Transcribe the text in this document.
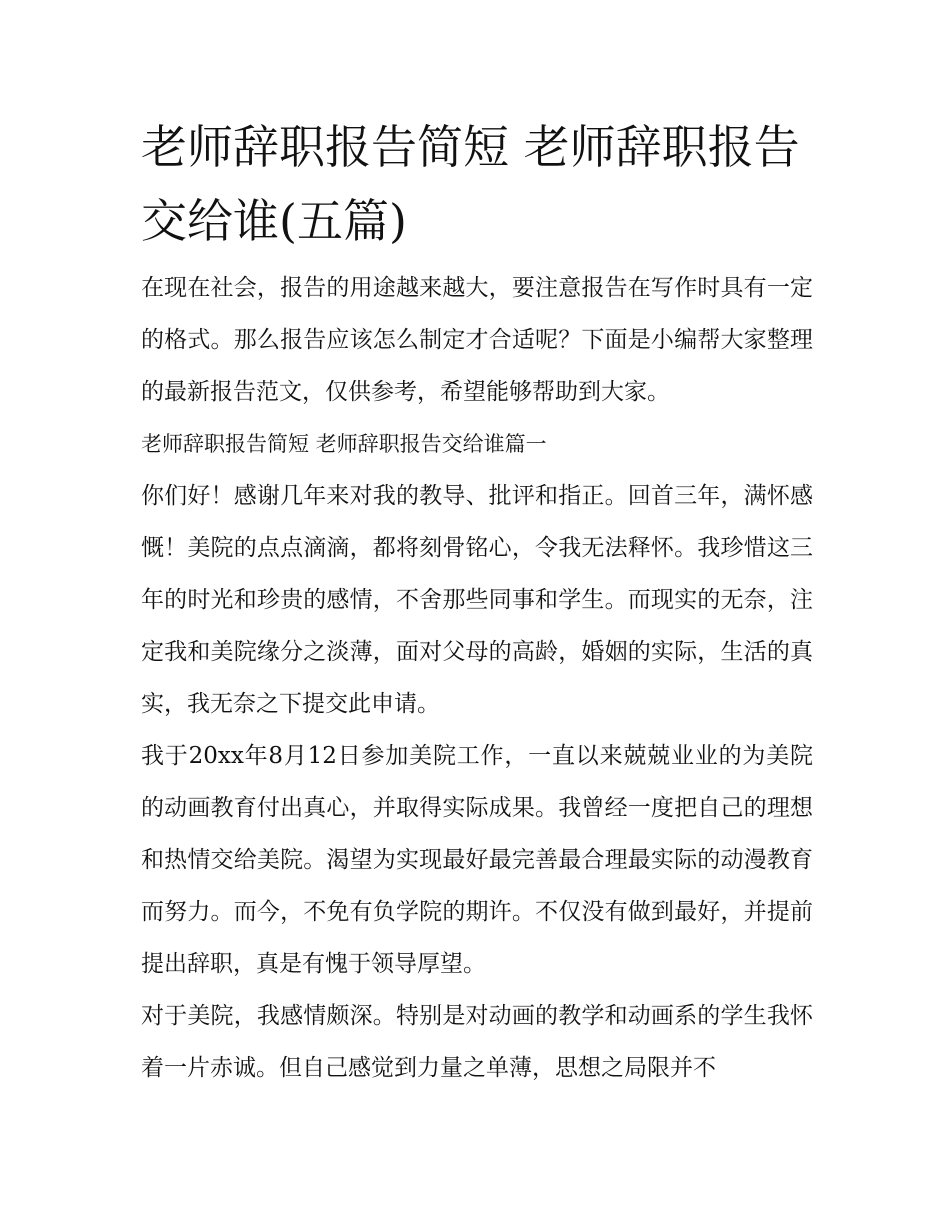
老师辞职报告简短 老师辞职报告交给谁(五篇)

在现在社会，报告的用途越来越大，要注意报告在写作时具有一定的格式。那么报告应该怎么制定才合适呢？下面是小编帮大家整理的最新报告范文，仅供参考，希望能够帮助到大家。

老师辞职报告简短 老师辞职报告交给谁篇一

你们好！感谢几年来对我的教导、批评和指正。回首三年，满怀感慨！美院的点点滴滴，都将刻骨铭心，令我无法释怀。我珍惜这三年的时光和珍贵的感情，不舍那些同事和学生。而现实的无奈，注定我和美院缘分之淡薄，面对父母的高龄，婚姻的实际，生活的真实，我无奈之下提交此申请。

我于20xx年8月12日参加美院工作，一直以来兢兢业业的为美院的动画教育付出真心，并取得实际成果。我曾经一度把自己的理想和热情交给美院。渴望为实现最好最完善最合理最实际的动漫教育而努力。而今，不免有负学院的期许。不仅没有做到最好，并提前提出辞职，真是有愧于领导厚望。

对于美院，我感情颇深。特别是对动画的教学和动画系的学生我怀着一片赤诚。但自己感觉到力量之单薄，思想之局限并不
